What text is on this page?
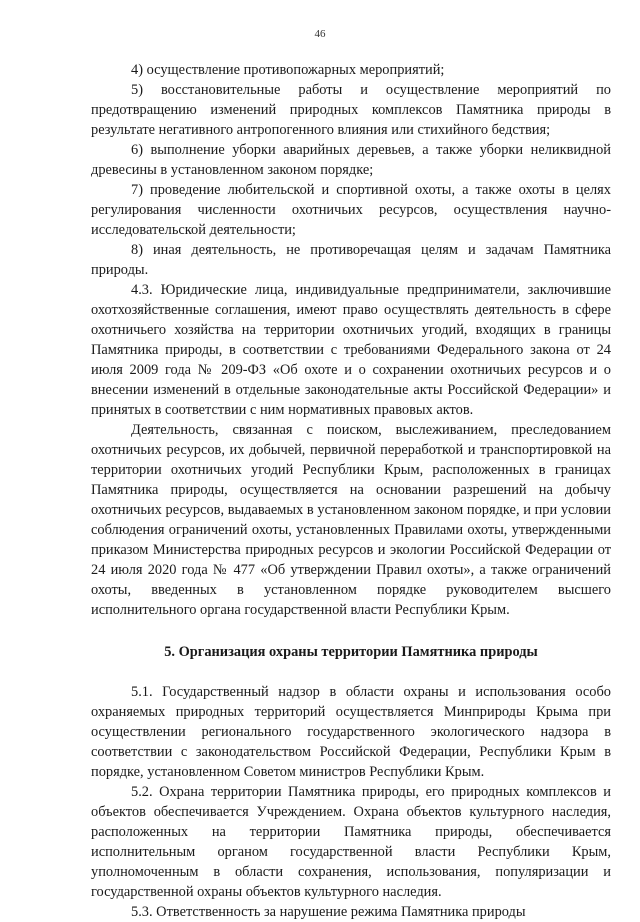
46

4) осуществление противопожарных мероприятий;

5) восстановительные работы и осуществление мероприятий по предотвращению изменений природных комплексов Памятника природы в результате негативного антропогенного влияния или стихийного бедствия;

6) выполнение уборки аварийных деревьев, а также уборки неликвидной древесины в установленном законом порядке;

7) проведение любительской и спортивной охоты, а также охоты в целях регулирования численности охотничьих ресурсов, осуществления научно-исследовательской деятельности;

8) иная деятельность, не противоречащая целям и задачам Памятника природы.

4.3. Юридические лица, индивидуальные предприниматели, заключившие охотхозяйственные соглашения, имеют право осуществлять деятельность в сфере охотничьего хозяйства на территории охотничьих угодий, входящих в границы Памятника природы, в соответствии с требованиями Федерального закона от 24 июля 2009 года № 209-ФЗ «Об охоте и о сохранении охотничьих ресурсов и о внесении изменений в отдельные законодательные акты Российской Федерации» и принятых в соответствии с ним нормативных правовых актов.

Деятельность, связанная с поиском, выслеживанием, преследованием охотничьих ресурсов, их добычей, первичной переработкой и транспортировкой на территории охотничьих угодий Республики Крым, расположенных в границах Памятника природы, осуществляется на основании разрешений на добычу охотничьих ресурсов, выдаваемых в установленном законом порядке, и при условии соблюдения ограничений охоты, установленных Правилами охоты, утвержденными приказом Министерства природных ресурсов и экологии Российской Федерации от 24 июля 2020 года № 477 «Об утверждении Правил охоты», а также ограничений охоты, введенных в установленном порядке руководителем высшего исполнительного органа государственной власти Республики Крым.

5. Организация охраны территории Памятника природы

5.1. Государственный надзор в области охраны и использования особо охраняемых природных территорий осуществляется Минприроды Крыма при осуществлении регионального государственного экологического надзора в соответствии с законодательством Российской Федерации, Республики Крым в порядке, установленном Советом министров Республики Крым.

5.2. Охрана территории Памятника природы, его природных комплексов и объектов обеспечивается Учреждением. Охрана объектов культурного наследия, расположенных на территории Памятника природы, обеспечивается исполнительным органом государственной власти Республики Крым, уполномоченным в области сохранения, использования, популяризации и государственной охраны объектов культурного наследия.

5.3. Ответственность за нарушение режима Памятника природы
